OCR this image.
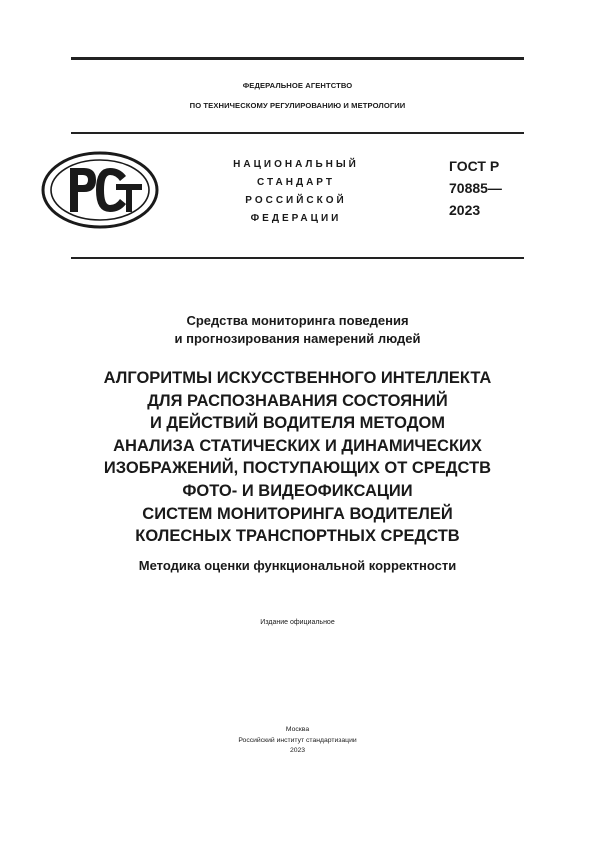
ФЕДЕРАЛЬНОЕ АГЕНТСТВО
ПО ТЕХНИЧЕСКОМУ РЕГУЛИРОВАНИЮ И МЕТРОЛОГИИ
НАЦИОНАЛЬНЫЙ
СТАНДАРТ
РОССИЙСКОЙ
ФЕДЕРАЦИИ
ГОСТ Р
70885—
2023
Средства мониторинга поведения
и прогнозирования намерений людей
АЛГОРИТМЫ ИСКУССТВЕННОГО ИНТЕЛЛЕКТА
ДЛЯ РАСПОЗНАВАНИЯ СОСТОЯНИЙ
И ДЕЙСТВИЙ ВОДИТЕЛЯ МЕТОДОМ
АНАЛИЗА СТАТИЧЕСКИХ И ДИНАМИЧЕСКИХ
ИЗОБРАЖЕНИЙ, ПОСТУПАЮЩИХ ОТ СРЕДСТВ
ФОТО- И ВИДЕОФИКСАЦИИ
СИСТЕМ МОНИТОРИНГА ВОДИТЕЛЕЙ
КОЛЕСНЫХ ТРАНСПОРТНЫХ СРЕДСТВ
Методика оценки функциональной корректности
Издание официальное
Москва
Российский институт стандартизации
2023
